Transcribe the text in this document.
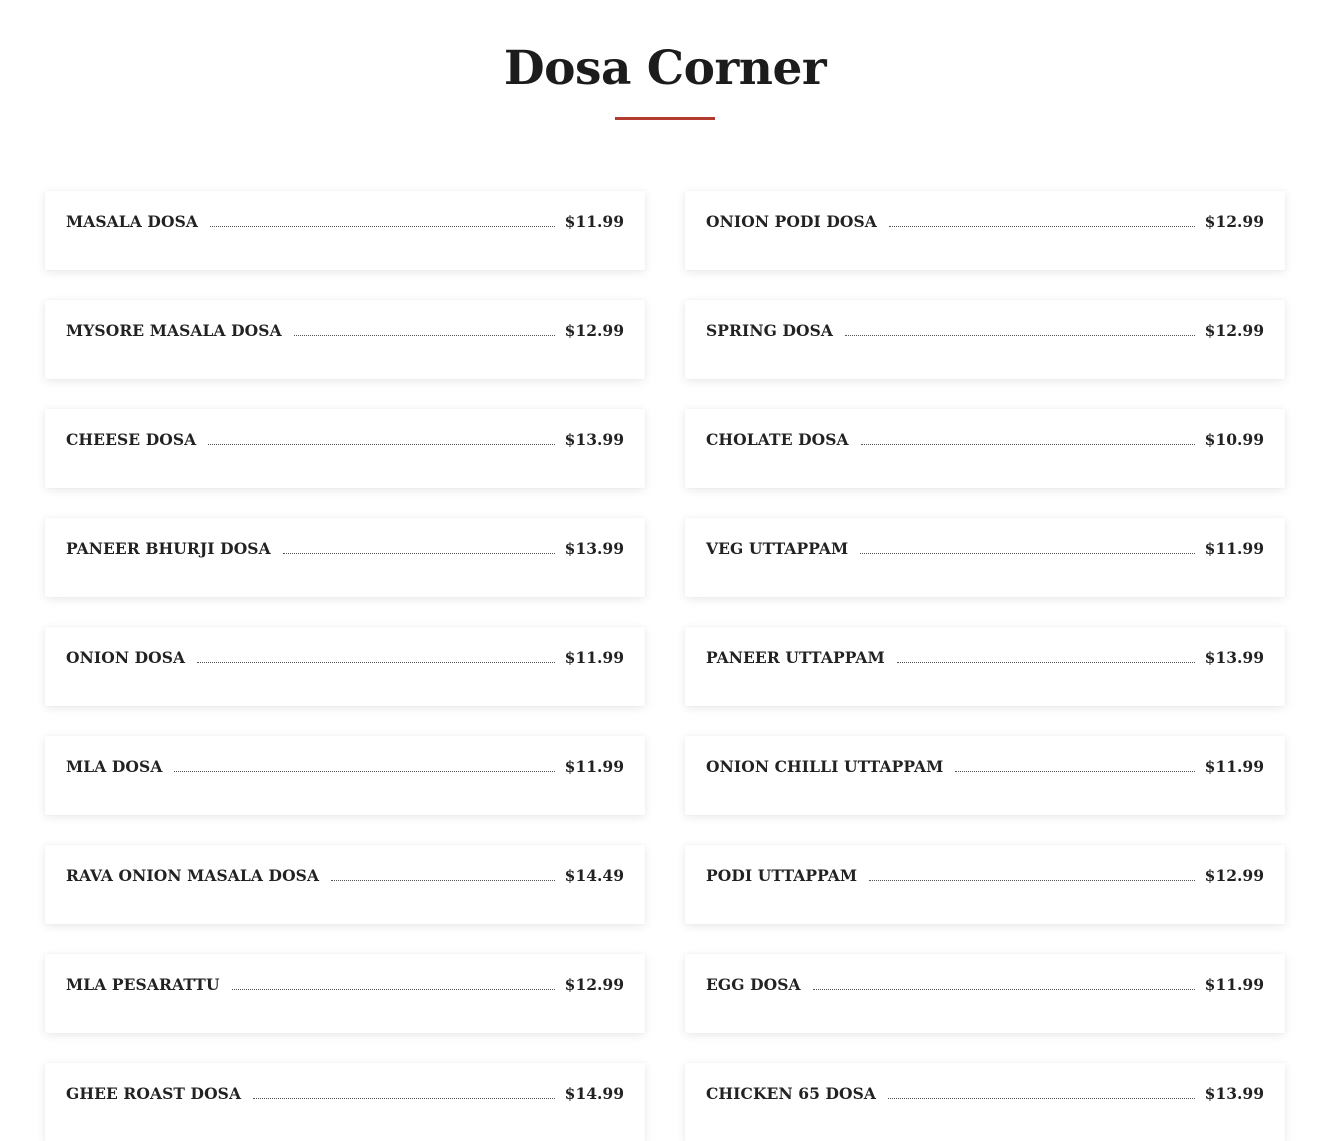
Dosa Corner
MASALA DOSA	$11.99	ONION PODI DOSA	$12.99
MYSORE MASALA DOSA	$12.99	SPRING DOSA	$12.99
CHEESE DOSA	$13.99	CHOLATE DOSA	$10.99
PANEER BHURJI DOSA	$13.99	VEG UTTAPPAM	$11.99
ONION DOSA	$11.99	PANEER UTTAPPAM	$13.99
MLA DOSA	$11.99	ONION CHILLI UTTAPPAM	$11.99
RAVA ONION MASALA DOSA	$14.49	PODI UTTAPPAM	$12.99
MLA PESARATTU	$12.99	EGG DOSA	$11.99
GHEE ROAST DOSA	$14.99	CHICKEN 65 DOSA	$13.99
